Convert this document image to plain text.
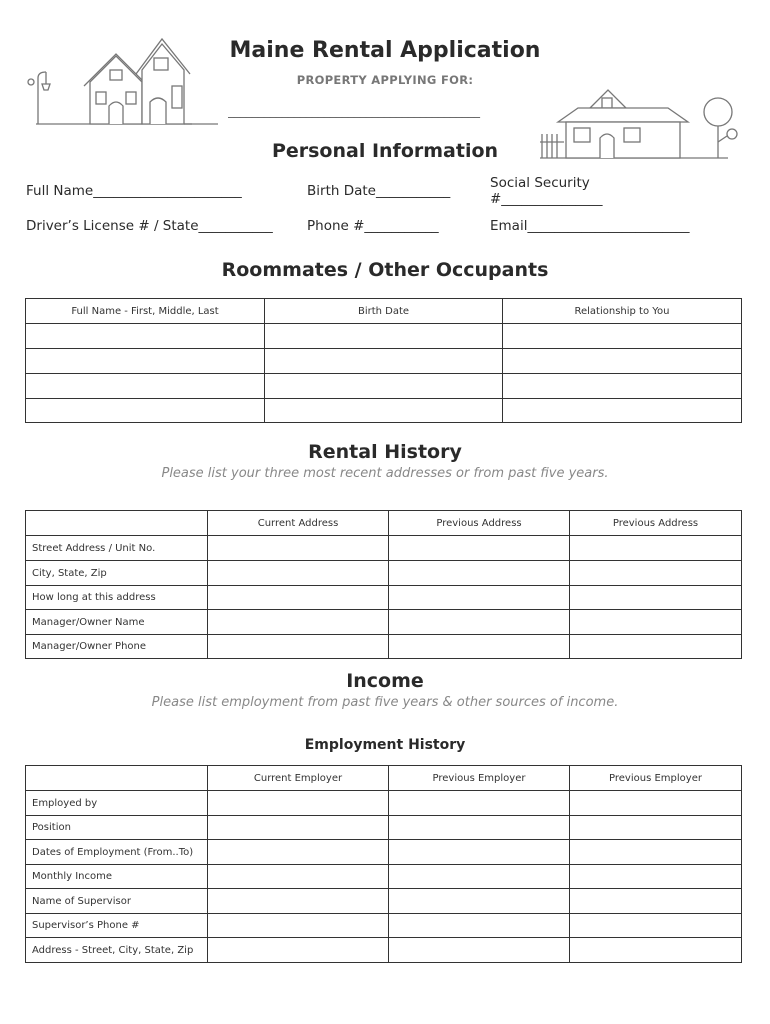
Maine Rental Application
PROPERTY APPLYING FOR:
__________________________________________
Personal Information
Full Name______________________	Birth Date___________	Social Security
#_______________
Driver’s License # / State___________	Phone #___________	Email________________________
Roommates / Other Occupants
Full Name - First, Middle, Last	Birth Date	Relationship to You

Rental History
Please list your three most recent addresses or from past five years.
	Current Address	Previous Address	Previous Address
Street Address / Unit No.			
City, State, Zip			
How long at this address			
Manager/Owner Name			
Manager/Owner Phone			
Income
Please list employment from past five years & other sources of income.
Employment History
	Current Employer	Previous Employer	Previous Employer
Employed by			
Position			
Dates of Employment (From..To)			
Monthly Income			
Name of Supervisor			
Supervisor’s Phone #			
Address - Street, City, State, Zip			
